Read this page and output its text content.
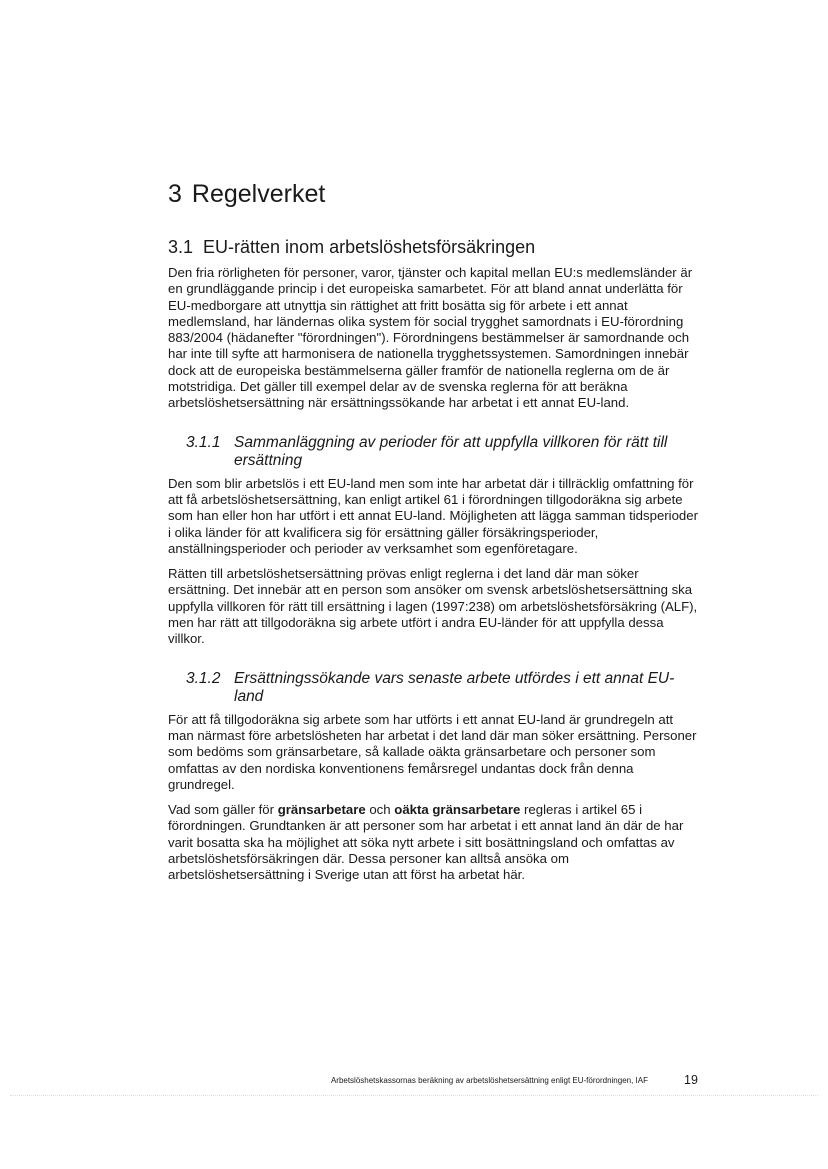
3 Regelverket
3.1 EU-rätten inom arbetslöshetsförsäkringen

Den fria rörligheten för personer, varor, tjänster och kapital mellan EU:s medlemsländer är en grundläggande princip i det europeiska samarbetet. För att bland annat underlätta för EU-medborgare att utnyttja sin rättighet att fritt bosätta sig för arbete i ett annat medlemsland, har ländernas olika system för social trygghet samordnats i EU-förordning 883/2004 (hädanefter "förordningen"). Förordningens bestämmelser är samordnande och har inte till syfte att harmonisera de nationella trygghetssystemen. Samordningen innebär dock att de europeiska bestämmelserna gäller framför de nationella reglerna om de är motstridiga. Det gäller till exempel delar av de svenska reglerna för att beräkna arbetslöshetsersättning när ersättningssökande har arbetat i ett annat EU-land.

3.1.1 Sammanläggning av perioder för att uppfylla villkoren för rätt till ersättning

Den som blir arbetslös i ett EU-land men som inte har arbetat där i tillräcklig omfattning för att få arbetslöshetsersättning, kan enligt artikel 61 i förordningen tillgodoräkna sig arbete som han eller hon har utfört i ett annat EU-land. Möjligheten att lägga samman tidsperioder i olika länder för att kvalificera sig för ersättning gäller försäkringsperioder, anställningsperioder och perioder av verksamhet som egenföretagare.

Rätten till arbetslöshetsersättning prövas enligt reglerna i det land där man söker ersättning. Det innebär att en person som ansöker om svensk arbetslöshetsersättning ska uppfylla villkoren för rätt till ersättning i lagen (1997:238) om arbetslöshetsförsäkring (ALF), men har rätt att tillgodoräkna sig arbete utfört i andra EU-länder för att uppfylla dessa villkor.

3.1.2 Ersättningssökande vars senaste arbete utfördes i ett annat EU-land

För att få tillgodoräkna sig arbete som har utförts i ett annat EU-land är grundregeln att man närmast före arbetslösheten har arbetat i det land där man söker ersättning. Personer som bedöms som gränsarbetare, så kallade oäkta gränsarbetare och personer som omfattas av den nordiska konventionens femårsregel undantas dock från denna grundregel.

Vad som gäller för gränsarbetare och oäkta gränsarbetare regleras i artikel 65 i förordningen. Grundtanken är att personer som har arbetat i ett annat land än där de har varit bosatta ska ha möjlighet att söka nytt arbete i sitt bosättningsland och omfattas av arbetslöshetsförsäkringen där. Dessa personer kan alltså ansöka om arbetslöshetsersättning i Sverige utan att först ha arbetat här.

Arbetslöshetskassornas beräkning av arbetslöshetsersättning enligt EU-förordningen, IAF	19
